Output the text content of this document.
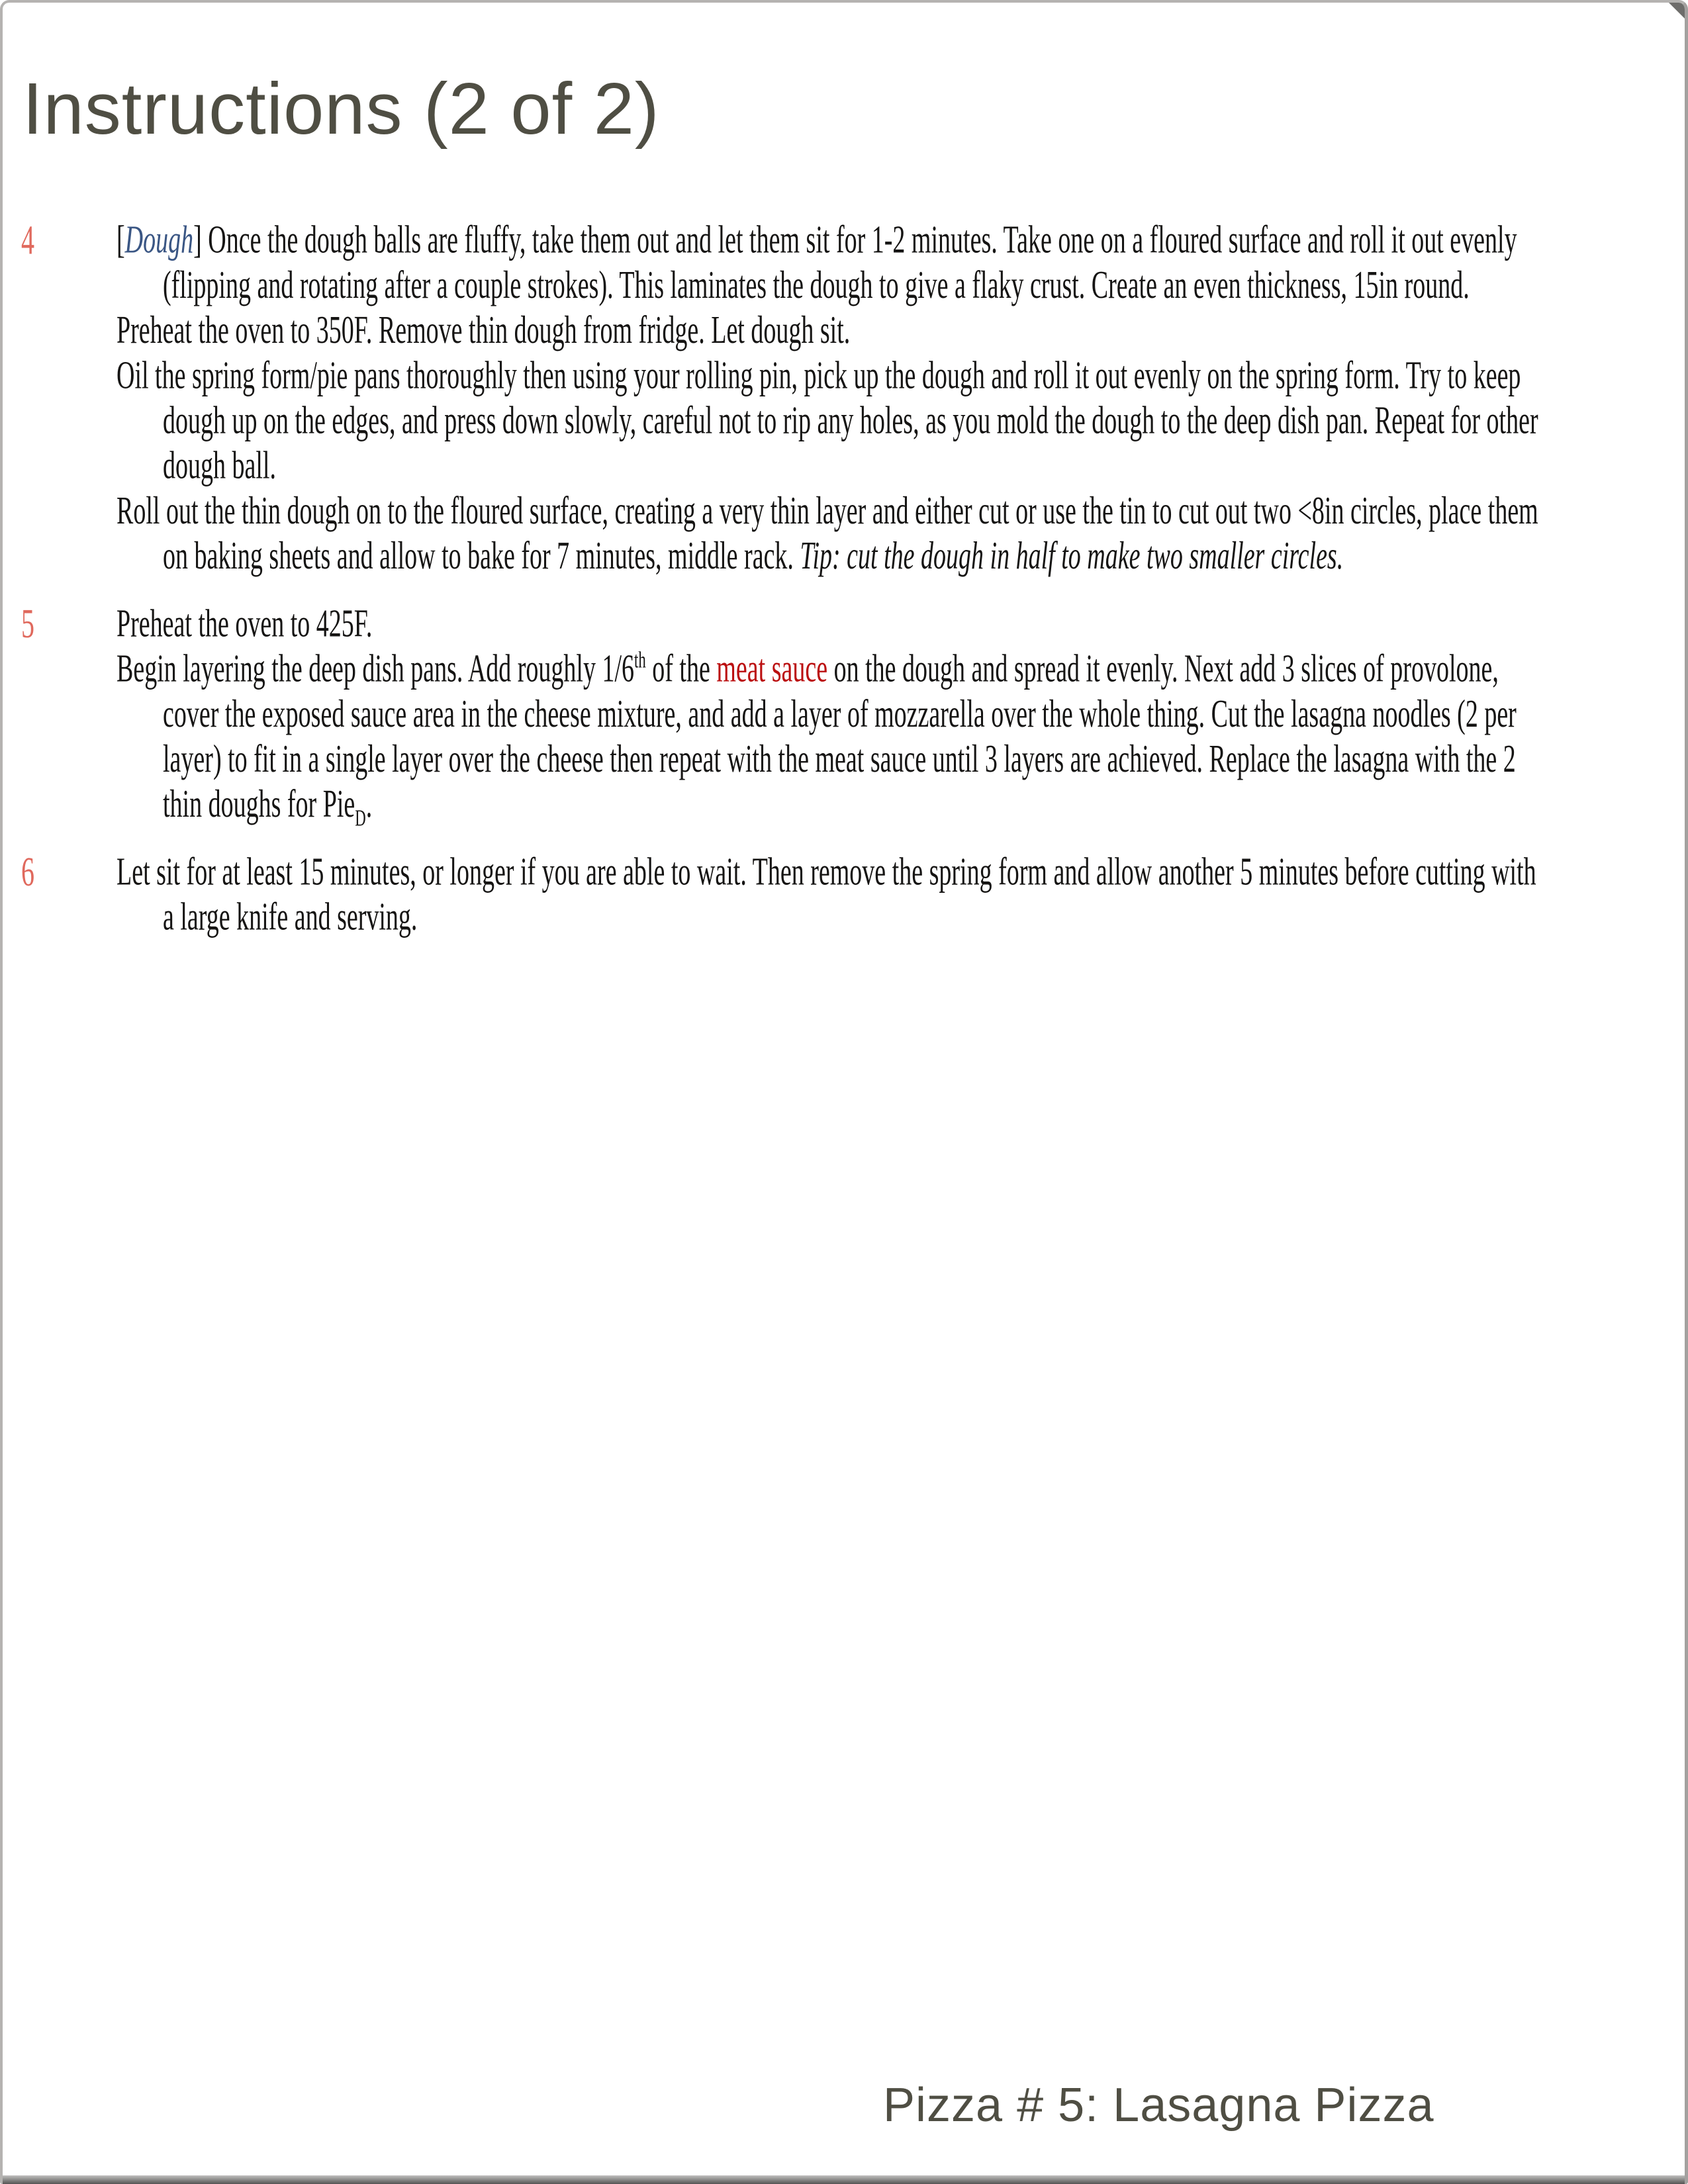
Instructions (2 of 2)
4	[Dough] Once the dough balls are fluffy, take them out and let them sit for 1-2 minutes. Take one on a floured surface and roll it out evenly (flipping and rotating after a couple strokes). This laminates the dough to give a flaky crust. Create an even thickness, 15in round.

Preheat the oven to 350F. Remove thin dough from fridge. Let dough sit.

Oil the spring form/pie pans thoroughly then using your rolling pin, pick up the dough and roll it out evenly on the spring form. Try to keep dough up on the edges, and press down slowly, careful not to rip any holes, as you mold the dough to the deep dish pan. Repeat for other dough ball.

Roll out the thin dough on to the floured surface, creating a very thin layer and either cut or use the tin to cut out two <8in circles, place them on baking sheets and allow to bake for 7 minutes, middle rack. Tip: cut the dough in half to make two smaller circles.

5	Preheat the oven to 425F.

Begin layering the deep dish pans. Add roughly 1/6th of the meat sauce on the dough and spread it evenly. Next add 3 slices of provolone, cover the exposed sauce area in the cheese mixture, and add a layer of mozzarella over the whole thing. Cut the lasagna noodles (2 per layer) to fit in a single layer over the cheese then repeat with the meat sauce until 3 layers are achieved. Replace the lasagna with the 2 thin doughs for Pie$_D$.

6	Let sit for at least 15 minutes, or longer if you are able to wait. Then remove the spring form and allow another 5 minutes before cutting with a large knife and serving.

Pizza # 5: Lasagna Pizza
